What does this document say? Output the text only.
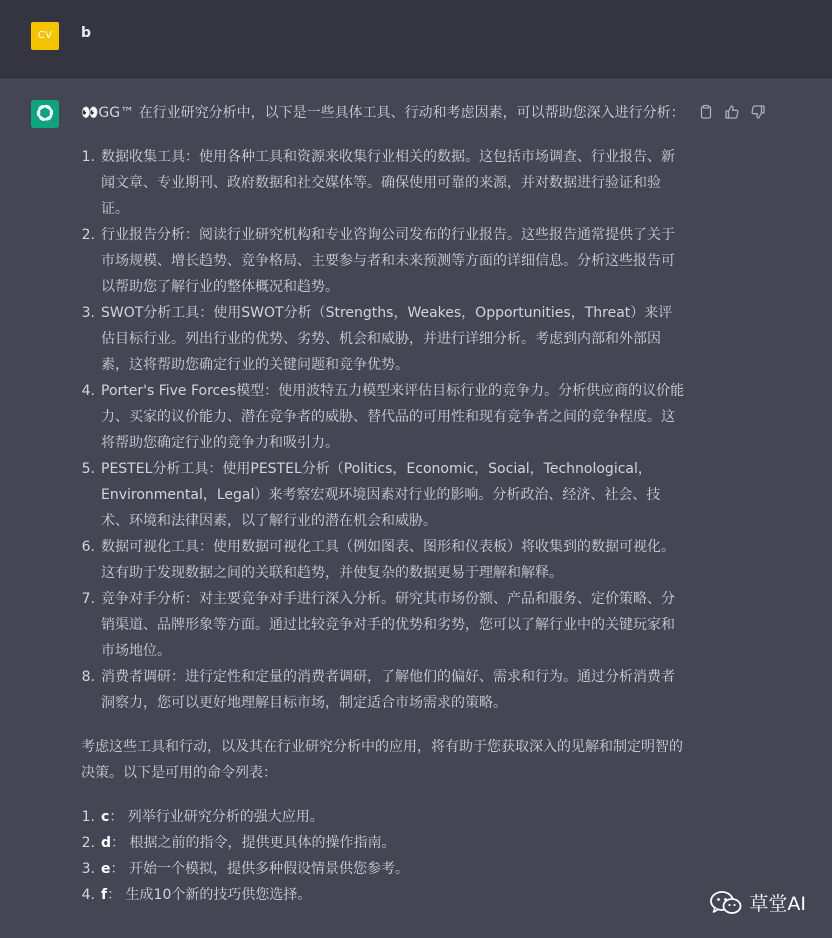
CV	b

👀GG™ 在行业研究分析中，以下是一些具体工具、行动和考虑因素，可以帮助您深入进行分析：

1. 数据收集工具：使用各种工具和资源来收集行业相关的数据。这包括市场调查、行业报告、新闻文章、专业期刊、政府数据和社交媒体等。确保使用可靠的来源，并对数据进行验证和验证。
2. 行业报告分析：阅读行业研究机构和专业咨询公司发布的行业报告。这些报告通常提供了关于市场规模、增长趋势、竞争格局、主要参与者和未来预测等方面的详细信息。分析这些报告可以帮助您了解行业的整体概况和趋势。
3. SWOT分析工具：使用SWOT分析（Strengths，Weakes，Opportunities，Threat）来评估目标行业。列出行业的优势、劣势、机会和威胁，并进行详细分析。考虑到内部和外部因素，这将帮助您确定行业的关键问题和竞争优势。
4. Porter's Five Forces模型：使用波特五力模型来评估目标行业的竞争力。分析供应商的议价能力、买家的议价能力、潜在竞争者的威胁、替代品的可用性和现有竞争者之间的竞争程度。这将帮助您确定行业的竞争力和吸引力。
5. PESTEL分析工具：使用PESTEL分析（Politics，Economic，Social，Technological，Environmental，Legal）来考察宏观环境因素对行业的影响。分析政治、经济、社会、技术、环境和法律因素，以了解行业的潜在机会和威胁。
6. 数据可视化工具：使用数据可视化工具（例如图表、图形和仪表板）将收集到的数据可视化。这有助于发现数据之间的关联和趋势，并使复杂的数据更易于理解和解释。
7. 竞争对手分析：对主要竞争对手进行深入分析。研究其市场份额、产品和服务、定价策略、分销渠道、品牌形象等方面。通过比较竞争对手的优势和劣势，您可以了解行业中的关键玩家和市场地位。
8. 消费者调研：进行定性和定量的消费者调研，了解他们的偏好、需求和行为。通过分析消费者洞察力，您可以更好地理解目标市场，制定适合市场需求的策略。

考虑这些工具和行动，以及其在行业研究分析中的应用，将有助于您获取深入的见解和制定明智的决策。以下是可用的命令列表：

1. c： 列举行业研究分析的强大应用。
2. d： 根据之前的指令，提供更具体的操作指南。
3. e： 开始一个模拟，提供多种假设情景供您参考。
4. f： 生成10个新的技巧供您选择。	草堂AI
